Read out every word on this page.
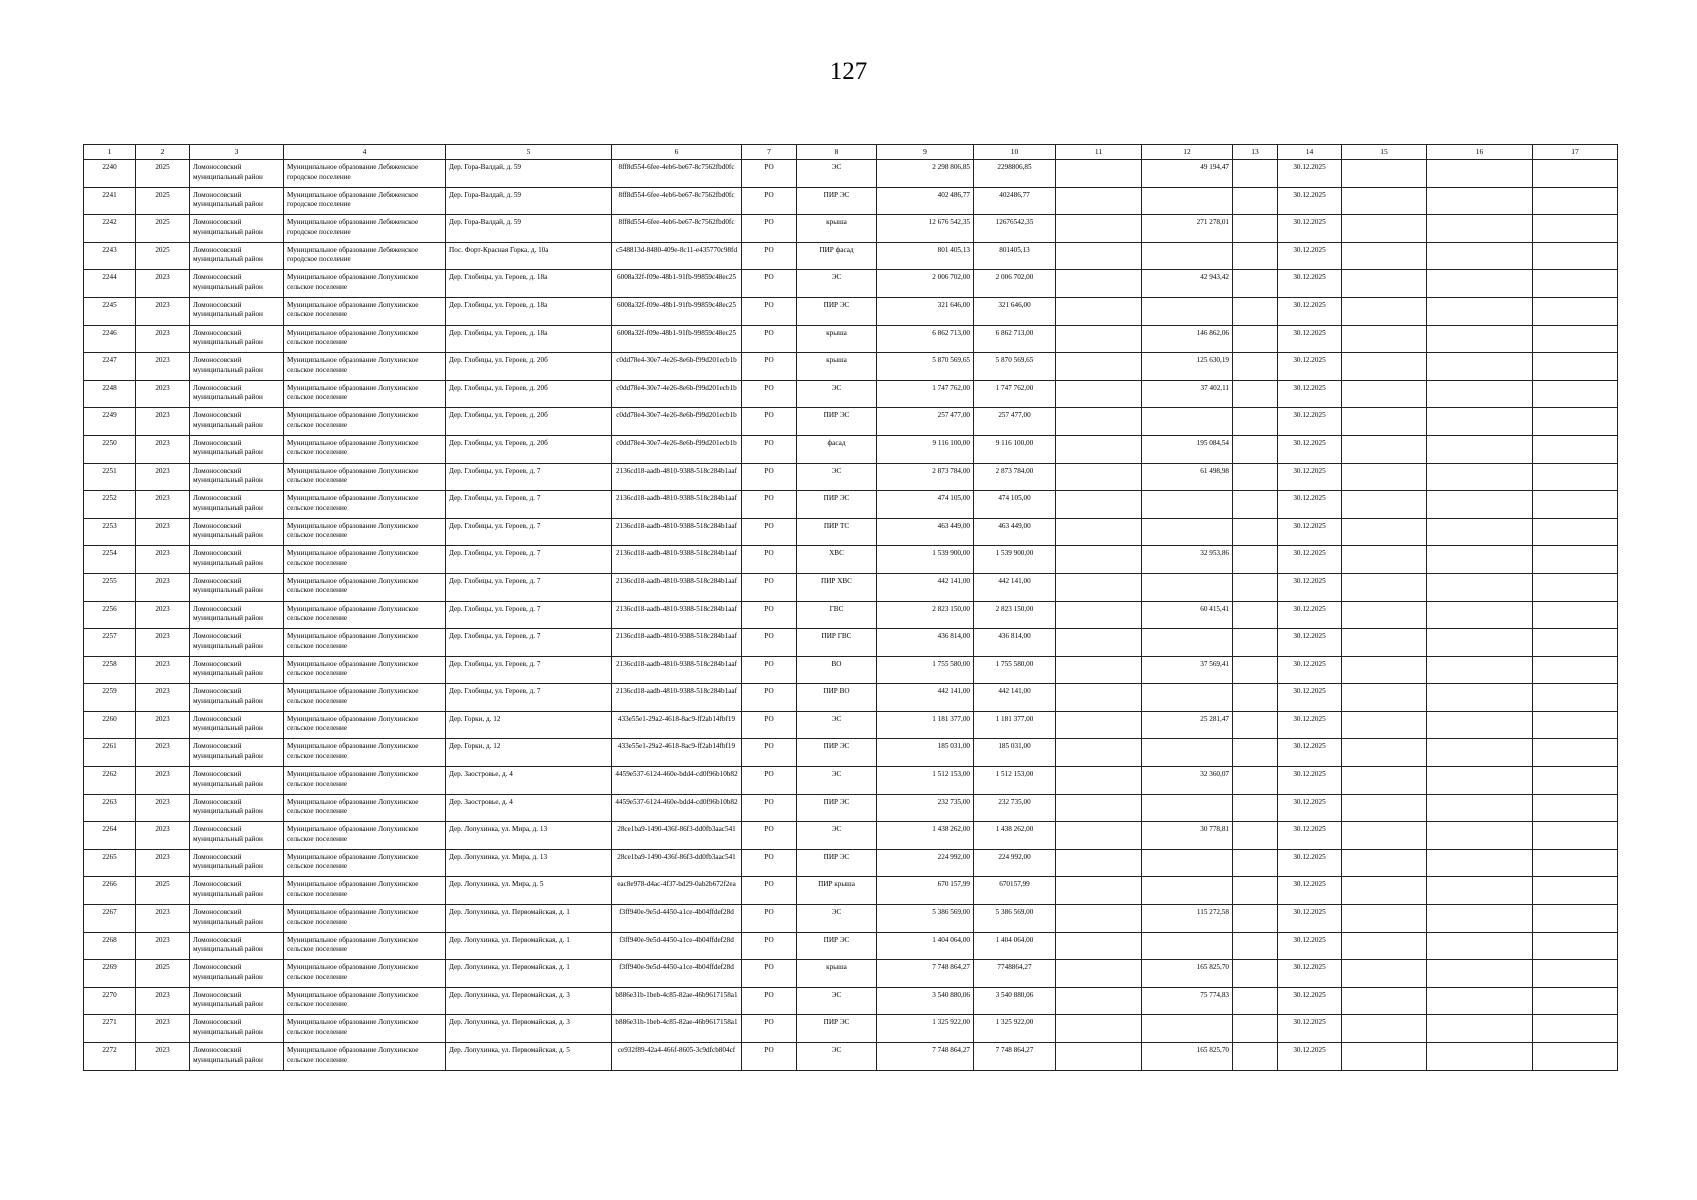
127
1	2	3	4	5	6	7	8	9	10	11	12	13	14	15	16	17
2240	2025	Ломоносовский муниципальный район	Муниципальное образование Лебяженское городское поселение	Дер. Гора-Валдай, д. 59	8ff8d554-6fee-4eb6-be67-8c7562fbd0fc	РО	ЭС	2 298 806,85	2298806,85		49 194,47		30.12.2025			
2241	2025	Ломоносовский муниципальный район	Муниципальное образование Лебяженское городское поселение	Дер. Гора-Валдай, д. 59	8ff8d554-6fee-4eb6-be67-8c7562fbd0fc	РО	ПИР ЭС	402 486,77	402486,77				30.12.2025			
2242	2025	Ломоносовский муниципальный район	Муниципальное образование Лебяженское городское поселение	Дер. Гора-Валдай, д. 59	8ff8d554-6fee-4eb6-be67-8c7562fbd0fc	РО	крыша	12 676 542,35	12676542,35		271 278,01		30.12.2025			
2243	2025	Ломоносовский муниципальный район	Муниципальное образование Лебяженское городское поселение	Пос. Форт-Красная Горка, д. 10а	c548813d-8480-409e-8c11-e435770c98fd	РО	ПИР фасад	801 405,13	801405,13				30.12.2025			
2244	2023	Ломоносовский муниципальный район	Муниципальное образование Лопухинское сельское поселение	Дер. Глобицы, ул. Героев, д. 18а	6008a32f-f09e-48b1-91fb-99859c48ec25	РО	ЭС	2 006 702,00	2 006 702,00		42 943,42		30.12.2025			
2245	2023	Ломоносовский муниципальный район	Муниципальное образование Лопухинское сельское поселение	Дер. Глобицы, ул. Героев, д. 18а	6008a32f-f09e-48b1-91fb-99859c48ec25	РО	ПИР ЭС	321 646,00	321 646,00				30.12.2025			
2246	2023	Ломоносовский муниципальный район	Муниципальное образование Лопухинское сельское поселение	Дер. Глобицы, ул. Героев, д. 18а	6008a32f-f09e-48b1-91fb-99859c48ec25	РО	крыша	6 862 713,00	6 862 713,00		146 862,06		30.12.2025			
2247	2023	Ломоносовский муниципальный район	Муниципальное образование Лопухинское сельское поселение	Дер. Глобицы, ул. Героев, д. 20б	c0dd78e4-30e7-4e26-8e6b-f99d201ecb1b	РО	крыша	5 870 569,65	5 870 569,65		125 630,19		30.12.2025			
2248	2023	Ломоносовский муниципальный район	Муниципальное образование Лопухинское сельское поселение	Дер. Глобицы, ул. Героев, д. 20б	c0dd78e4-30e7-4e26-8e6b-f99d201ecb1b	РО	ЭС	1 747 762,00	1 747 762,00		37 402,11		30.12.2025			
2249	2023	Ломоносовский муниципальный район	Муниципальное образование Лопухинское сельское поселение	Дер. Глобицы, ул. Героев, д. 20б	c0dd78e4-30e7-4e26-8e6b-f99d201ecb1b	РО	ПИР ЭС	257 477,00	257 477,00				30.12.2025			
2250	2023	Ломоносовский муниципальный район	Муниципальное образование Лопухинское сельское поселение	Дер. Глобицы, ул. Героев, д. 20б	c0dd78e4-30e7-4e26-8e6b-f99d201ecb1b	РО	фасад	9 116 100,00	9 116 100,00		195 084,54		30.12.2025			
2251	2023	Ломоносовский муниципальный район	Муниципальное образование Лопухинское сельское поселение	Дер. Глобицы, ул. Героев, д. 7	2136cd18-aadb-4810-9388-518c284b1aaf	РО	ЭС	2 873 784,00	2 873 784,00		61 498,98		30.12.2025			
2252	2023	Ломоносовский муниципальный район	Муниципальное образование Лопухинское сельское поселение	Дер. Глобицы, ул. Героев, д. 7	2136cd18-aadb-4810-9388-518c284b1aaf	РО	ПИР ЭС	474 105,00	474 105,00				30.12.2025			
2253	2023	Ломоносовский муниципальный район	Муниципальное образование Лопухинское сельское поселение	Дер. Глобицы, ул. Героев, д. 7	2136cd18-aadb-4810-9388-518c284b1aaf	РО	ПИР ТС	463 449,00	463 449,00				30.12.2025			
2254	2023	Ломоносовский муниципальный район	Муниципальное образование Лопухинское сельское поселение	Дер. Глобицы, ул. Героев, д. 7	2136cd18-aadb-4810-9388-518c284b1aaf	РО	ХВС	1 539 900,00	1 539 900,00		32 953,86		30.12.2025			
2255	2023	Ломоносовский муниципальный район	Муниципальное образование Лопухинское сельское поселение	Дер. Глобицы, ул. Героев, д. 7	2136cd18-aadb-4810-9388-518c284b1aaf	РО	ПИР ХВС	442 141,00	442 141,00				30.12.2025			
2256	2023	Ломоносовский муниципальный район	Муниципальное образование Лопухинское сельское поселение	Дер. Глобицы, ул. Героев, д. 7	2136cd18-aadb-4810-9388-518c284b1aaf	РО	ГВС	2 823 150,00	2 823 150,00		60 415,41		30.12.2025			
2257	2023	Ломоносовский муниципальный район	Муниципальное образование Лопухинское сельское поселение	Дер. Глобицы, ул. Героев, д. 7	2136cd18-aadb-4810-9388-518c284b1aaf	РО	ПИР ГВС	436 814,00	436 814,00				30.12.2025			
2258	2023	Ломоносовский муниципальный район	Муниципальное образование Лопухинское сельское поселение	Дер. Глобицы, ул. Героев, д. 7	2136cd18-aadb-4810-9388-518c284b1aaf	РО	ВО	1 755 580,00	1 755 580,00		37 569,41		30.12.2025			
2259	2023	Ломоносовский муниципальный район	Муниципальное образование Лопухинское сельское поселение	Дер. Глобицы, ул. Героев, д. 7	2136cd18-aadb-4810-9388-518c284b1aaf	РО	ПИР ВО	442 141,00	442 141,00				30.12.2025			
2260	2023	Ломоносовский муниципальный район	Муниципальное образование Лопухинское сельское поселение	Дер. Горки, д. 12	433e55e1-29a2-4618-8ac9-ff2ab14fbf19	РО	ЭС	1 181 377,00	1 181 377,00		25 281,47		30.12.2025			
2261	2023	Ломоносовский муниципальный район	Муниципальное образование Лопухинское сельское поселение	Дер. Горки, д. 12	433e55e1-29a2-4618-8ac9-ff2ab14fbf19	РО	ПИР ЭС	185 031,00	185 031,00				30.12.2025			
2262	2023	Ломоносовский муниципальный район	Муниципальное образование Лопухинское сельское поселение	Дер. Заостровье, д. 4	4459e537-6124-460e-bdd4-cd0f96b10b82	РО	ЭС	1 512 153,00	1 512 153,00		32 360,07		30.12.2025			
2263	2023	Ломоносовский муниципальный район	Муниципальное образование Лопухинское сельское поселение	Дер. Заостровье, д. 4	4459e537-6124-460e-bdd4-cd0f96b10b82	РО	ПИР ЭС	232 735,00	232 735,00				30.12.2025			
2264	2023	Ломоносовский муниципальный район	Муниципальное образование Лопухинское сельское поселение	Дер. Лопухинка, ул. Мира, д. 13	28ce1ba9-1490-436f-86f3-dd0fb3aac541	РО	ЭС	1 438 262,00	1 438 262,00		30 778,81		30.12.2025			
2265	2023	Ломоносовский муниципальный район	Муниципальное образование Лопухинское сельское поселение	Дер. Лопухинка, ул. Мира, д. 13	28ce1ba9-1490-436f-86f3-dd0fb3aac541	РО	ПИР ЭС	224 992,00	224 992,00				30.12.2025			
2266	2025	Ломоносовский муниципальный район	Муниципальное образование Лопухинское сельское поселение	Дер. Лопухинка, ул. Мира, д. 5	eac8e978-d4ac-4f37-bd29-0ab2b672f2ea	РО	ПИР крыша	670 157,99	670157,99				30.12.2025			
2267	2023	Ломоносовский муниципальный район	Муниципальное образование Лопухинское сельское поселение	Дер. Лопухинка, ул. Первомайская, д. 1	f3ff940e-9e5d-4450-a1ce-4b04ffdef28d	РО	ЭС	5 386 569,00	5 386 569,00		115 272,58		30.12.2025			
2268	2023	Ломоносовский муниципальный район	Муниципальное образование Лопухинское сельское поселение	Дер. Лопухинка, ул. Первомайская, д. 1	f3ff940e-9e5d-4450-a1ce-4b04ffdef28d	РО	ПИР ЭС	1 404 064,00	1 404 064,00				30.12.2025			
2269	2025	Ломоносовский муниципальный район	Муниципальное образование Лопухинское сельское поселение	Дер. Лопухинка, ул. Первомайская, д. 1	f3ff940e-9e5d-4450-a1ce-4b04ffdef28d	РО	крыша	7 748 864,27	7748864,27		165 825,70		30.12.2025			
2270	2023	Ломоносовский муниципальный район	Муниципальное образование Лопухинское сельское поселение	Дер. Лопухинка, ул. Первомайская, д. 3	b886e31b-1beb-4c85-82ae-46b9617158a1	РО	ЭС	3 540 880,06	3 540 880,06		75 774,83		30.12.2025			
2271	2023	Ломоносовский муниципальный район	Муниципальное образование Лопухинское сельское поселение	Дер. Лопухинка, ул. Первомайская, д. 3	b886e31b-1beb-4c85-82ae-46b9617158a1	РО	ПИР ЭС	1 325 922,00	1 325 922,00				30.12.2025			
2272	2023	Ломоносовский муниципальный район	Муниципальное образование Лопухинское сельское поселение	Дер. Лопухинка, ул. Первомайская, д. 5	ce932f89-42a4-466f-8605-3c9dfcb804cf	РО	ЭС	7 748 864,27	7 748 864,27		165 825,70		30.12.2025			
